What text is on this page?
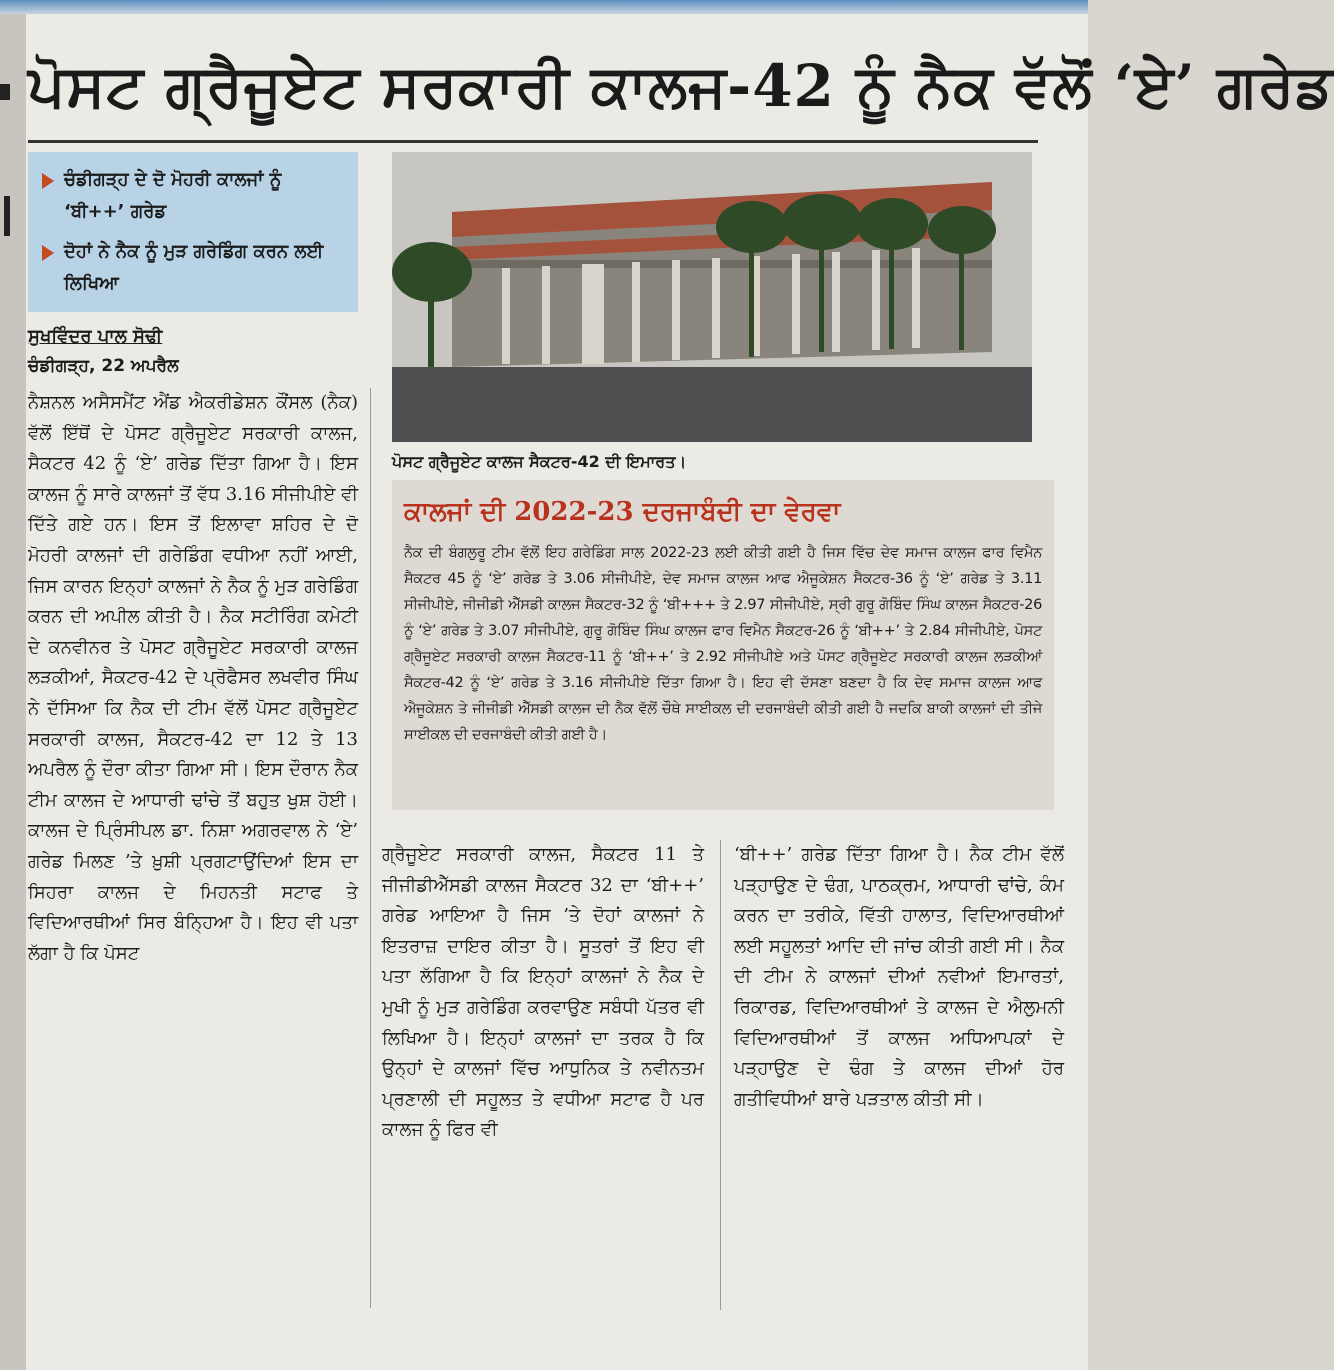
ਪੋਸਟ ਗ੍ਰੈਜੂਏਟ ਸਰਕਾਰੀ ਕਾਲਜ-42 ਨੂੰ ਨੈਕ ਵੱਲੋਂ ‘ਏ’ ਗਰੇਡ
ਚੰਡੀਗੜ੍ਹ ਦੇ ਦੋ ਮੋਹਰੀ ਕਾਲਜਾਂ ਨੂੰ ‘ਬੀ++’ ਗਰੇਡ
ਦੋਹਾਂ ਨੇ ਨੈਕ ਨੂੰ ਮੁੜ ਗਰੇਡਿੰਗ ਕਰਨ ਲਈ ਲਿਖਿਆ
ਸੁਖਵਿੰਦਰ ਪਾਲ ਸੋਢੀ
ਚੰਡੀਗੜ੍ਹ, 22 ਅਪਰੈਲ
ਨੈਸ਼ਨਲ ਅਸੈਸਮੈਂਟ ਐਂਡ ਐਕਰੀਡੇਸ਼ਨ ਕੌਂਸਲ (ਨੈਕ) ਵੱਲੋਂ ਇੱਥੋਂ ਦੇ ਪੋਸਟ ਗ੍ਰੈਜੂਏਟ ਸਰਕਾਰੀ ਕਾਲਜ, ਸੈਕਟਰ 42 ਨੂੰ ‘ਏ’ ਗਰੇਡ ਦਿੱਤਾ ਗਿਆ ਹੈ। ਇਸ ਕਾਲਜ ਨੂੰ ਸਾਰੇ ਕਾਲਜਾਂ ਤੋਂ ਵੱਧ 3.16 ਸੀਜੀਪੀਏ ਵੀ ਦਿੱਤੇ ਗਏ ਹਨ। ਇਸ ਤੋਂ ਇਲਾਵਾ ਸ਼ਹਿਰ ਦੇ ਦੋ ਮੋਹਰੀ ਕਾਲਜਾਂ ਦੀ ਗਰੇਡਿੰਗ ਵਧੀਆ ਨਹੀਂ ਆਈ, ਜਿਸ ਕਾਰਨ ਇਨ੍ਹਾਂ ਕਾਲਜਾਂ ਨੇ ਨੈਕ ਨੂੰ ਮੁੜ ਗਰੇਡਿੰਗ ਕਰਨ ਦੀ ਅਪੀਲ ਕੀਤੀ ਹੈ। ਨੈਕ ਸਟੀਰਿੰਗ ਕਮੇਟੀ ਦੇ ਕਨਵੀਨਰ ਤੇ ਪੋਸਟ ਗ੍ਰੈਜੂਏਟ ਸਰਕਾਰੀ ਕਾਲਜ ਲੜਕੀਆਂ, ਸੈਕਟਰ-42 ਦੇ ਪ੍ਰੋਫੈਸਰ ਲਖਵੀਰ ਸਿੰਘ ਨੇ ਦੱਸਿਆ ਕਿ ਨੈਕ ਦੀ ਟੀਮ ਵੱਲੋਂ ਪੋਸਟ ਗ੍ਰੈਜੂਏਟ ਸਰਕਾਰੀ ਕਾਲਜ, ਸੈਕਟਰ-42 ਦਾ 12 ਤੇ 13 ਅਪਰੈਲ ਨੂੰ ਦੌਰਾ ਕੀਤਾ ਗਿਆ ਸੀ। ਇਸ ਦੌਰਾਨ ਨੈਕ ਟੀਮ ਕਾਲਜ ਦੇ ਆਧਾਰੀ ਢਾਂਚੇ ਤੋਂ ਬਹੁਤ ਖੁਸ਼ ਹੋਈ। ਕਾਲਜ ਦੇ ਪ੍ਰਿੰਸੀਪਲ ਡਾ. ਨਿਸ਼ਾ ਅਗਰਵਾਲ ਨੇ ‘ਏ’ ਗਰੇਡ ਮਿਲਣ ’ਤੇ ਖ਼ੁਸ਼ੀ ਪ੍ਰਗਟਾਉਂਦਿਆਂ ਇਸ ਦਾ ਸਿਹਰਾ ਕਾਲਜ ਦੇ ਮਿਹਨਤੀ ਸਟਾਫ ਤੇ ਵਿਦਿਆਰਥੀਆਂ ਸਿਰ ਬੰਨ੍ਹਿਆ ਹੈ। ਇਹ ਵੀ ਪਤਾ ਲੱਗਾ ਹੈ ਕਿ ਪੋਸਟ
ਪੋਸਟ ਗ੍ਰੈਜੂਏਟ ਕਾਲਜ ਸੈਕਟਰ-42 ਦੀ ਇਮਾਰਤ।
ਕਾਲਜਾਂ ਦੀ 2022-23 ਦਰਜਾਬੰਦੀ ਦਾ ਵੇਰਵਾ
ਨੈਕ ਦੀ ਬੰਗਲੁਰੂ ਟੀਮ ਵੱਲੋਂ ਇਹ ਗਰੇਡਿੰਗ ਸਾਲ 2022-23 ਲਈ ਕੀਤੀ ਗਈ ਹੈ ਜਿਸ ਵਿੱਚ ਦੇਵ ਸਮਾਜ ਕਾਲਜ ਫਾਰ ਵਿਮੈਨ ਸੈਕਟਰ 45 ਨੂੰ ‘ਏ’ ਗਰੇਡ ਤੇ 3.06 ਸੀਜੀਪੀਏ, ਦੇਵ ਸਮਾਜ ਕਾਲਜ ਆਫ ਐਜੂਕੇਸ਼ਨ ਸੈਕਟਰ-36 ਨੂੰ ‘ਏ’ ਗਰੇਡ ਤੇ 3.11 ਸੀਜੀਪੀਏ, ਜੀਜੀਡੀ ਐੱਸਡੀ ਕਾਲਜ ਸੈਕਟਰ-32 ਨੂੰ ‘ਬੀ+++ ਤੇ 2.97 ਸੀਜੀਪੀਏ, ਸ੍ਰੀ ਗੁਰੂ ਗੋਬਿੰਦ ਸਿੰਘ ਕਾਲਜ ਸੈਕਟਰ-26 ਨੂੰ ‘ਏ’ ਗਰੇਡ ਤੇ 3.07 ਸੀਜੀਪੀਏ, ਗੁਰੂ ਗੋਬਿੰਦ ਸਿੰਘ ਕਾਲਜ ਫਾਰ ਵਿਮੈਨ ਸੈਕਟਰ-26 ਨੂੰ ‘ਬੀ++’ ਤੇ 2.84 ਸੀਜੀਪੀਏ, ਪੋਸਟ ਗ੍ਰੈਜੂਏਟ ਸਰਕਾਰੀ ਕਾਲਜ ਸੈਕਟਰ-11 ਨੂੰ ‘ਬੀ++’ ਤੇ 2.92 ਸੀਜੀਪੀਏ ਅਤੇ ਪੋਸਟ ਗ੍ਰੈਜੂਏਟ ਸਰਕਾਰੀ ਕਾਲਜ ਲੜਕੀਆਂ ਸੈਕਟਰ-42 ਨੂੰ ‘ਏ’ ਗਰੇਡ ਤੇ 3.16 ਸੀਜੀਪੀਏ ਦਿੱਤਾ ਗਿਆ ਹੈ। ਇਹ ਵੀ ਦੱਸਣਾ ਬਣਦਾ ਹੈ ਕਿ ਦੇਵ ਸਮਾਜ ਕਾਲਜ ਆਫ ਐਜੂਕੇਸ਼ਨ ਤੇ ਜੀਜੀਡੀ ਐੱਸਡੀ ਕਾਲਜ ਦੀ ਨੈਕ ਵੱਲੋਂ ਚੌਥੇ ਸਾਈਕਲ ਦੀ ਦਰਜਾਬੰਦੀ ਕੀਤੀ ਗਈ ਹੈ ਜਦਕਿ ਬਾਕੀ ਕਾਲਜਾਂ ਦੀ ਤੀਜੇ ਸਾਈਕਲ ਦੀ ਦਰਜਾਬੰਦੀ ਕੀਤੀ ਗਈ ਹੈ।
ਗ੍ਰੈਜੂਏਟ ਸਰਕਾਰੀ ਕਾਲਜ, ਸੈਕਟਰ 11 ਤੇ ਜੀਜੀਡੀਐੱਸਡੀ ਕਾਲਜ ਸੈਕਟਰ 32 ਦਾ ‘ਬੀ++’ ਗਰੇਡ ਆਇਆ ਹੈ ਜਿਸ ’ਤੇ ਦੋਹਾਂ ਕਾਲਜਾਂ ਨੇ ਇਤਰਾਜ਼ ਦਾਇਰ ਕੀਤਾ ਹੈ। ਸੂਤਰਾਂ ਤੋਂ ਇਹ ਵੀ ਪਤਾ ਲੱਗਿਆ ਹੈ ਕਿ ਇਨ੍ਹਾਂ ਕਾਲਜਾਂ ਨੇ ਨੈਕ ਦੇ ਮੁਖੀ ਨੂੰ ਮੁੜ ਗਰੇਡਿੰਗ ਕਰਵਾਉਣ ਸਬੰਧੀ ਪੱਤਰ ਵੀ ਲਿਖਿਆ ਹੈ। ਇਨ੍ਹਾਂ ਕਾਲਜਾਂ ਦਾ ਤਰਕ ਹੈ ਕਿ ਉਨ੍ਹਾਂ ਦੇ ਕਾਲਜਾਂ ਵਿੱਚ ਆਧੁਨਿਕ ਤੇ ਨਵੀਨਤਮ ਪ੍ਰਣਾਲੀ ਦੀ ਸਹੂਲਤ ਤੇ ਵਧੀਆ ਸਟਾਫ ਹੈ ਪਰ ਕਾਲਜ ਨੂੰ ਫਿਰ ਵੀ
‘ਬੀ++’ ਗਰੇਡ ਦਿੱਤਾ ਗਿਆ ਹੈ। ਨੈਕ ਟੀਮ ਵੱਲੋਂ ਪੜ੍ਹਾਉਣ ਦੇ ਢੰਗ, ਪਾਠਕ੍ਰਮ, ਆਧਾਰੀ ਢਾਂਚੇ, ਕੰਮ ਕਰਨ ਦਾ ਤਰੀਕੇ, ਵਿੱਤੀ ਹਾਲਾਤ, ਵਿਦਿਆਰਥੀਆਂ ਲਈ ਸਹੂਲਤਾਂ ਆਦਿ ਦੀ ਜਾਂਚ ਕੀਤੀ ਗਈ ਸੀ। ਨੈਕ ਦੀ ਟੀਮ ਨੇ ਕਾਲਜਾਂ ਦੀਆਂ ਨਵੀਆਂ ਇਮਾਰਤਾਂ, ਰਿਕਾਰਡ, ਵਿਦਿਆਰਥੀਆਂ ਤੇ ਕਾਲਜ ਦੇ ਐਲੁਮਨੀ ਵਿਦਿਆਰਥੀਆਂ ਤੋਂ ਕਾਲਜ ਅਧਿਆਪਕਾਂ ਦੇ ਪੜ੍ਹਾਉਣ ਦੇ ਢੰਗ ਤੇ ਕਾਲਜ ਦੀਆਂ ਹੋਰ ਗਤੀਵਿਧੀਆਂ ਬਾਰੇ ਪੜਤਾਲ ਕੀਤੀ ਸੀ।
